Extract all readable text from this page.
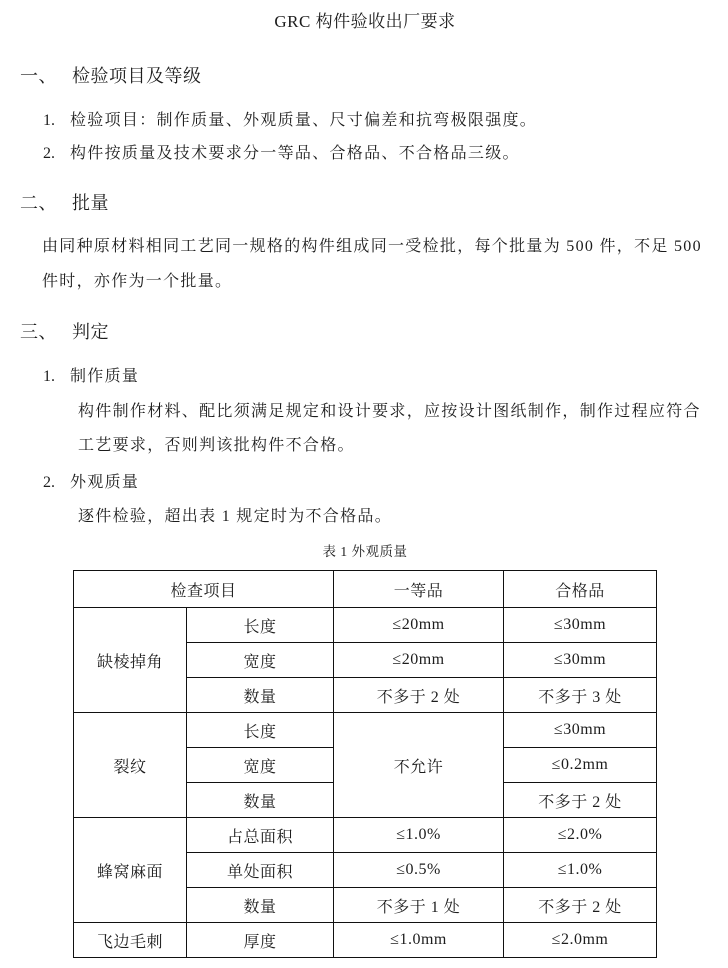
GRC 构件验收出厂要求
一、 检验项目及等级
1. 检验项目：制作质量、外观质量、尺寸偏差和抗弯极限强度。
2. 构件按质量及技术要求分一等品、合格品、不合格品三级。
二、 批量
由同种原材料相同工艺同一规格的构件组成同一受检批，每个批量为 500 件，不足 500
件时，亦作为一个批量。
三、 判定
1. 制作质量
构件制作材料、配比须满足规定和设计要求，应按设计图纸制作，制作过程应符合
工艺要求，否则判该批构件不合格。
2. 外观质量
逐件检验，超出表 1 规定时为不合格品。
表 1 外观质量
检查项目		一等品	合格品
缺棱掉角	长度	≤20mm	≤30mm
	宽度	≤20mm	≤30mm
	数量	不多于 2 处	不多于 3 处
裂纹	长度	不允许	≤30mm
	宽度		≤0.2mm
	数量		不多于 2 处
蜂窝麻面	占总面积	≤1.0%	≤2.0%
	单处面积	≤0.5%	≤1.0%
	数量	不多于 1 处	不多于 2 处
飞边毛刺	厚度	≤1.0mm	≤2.0mm
